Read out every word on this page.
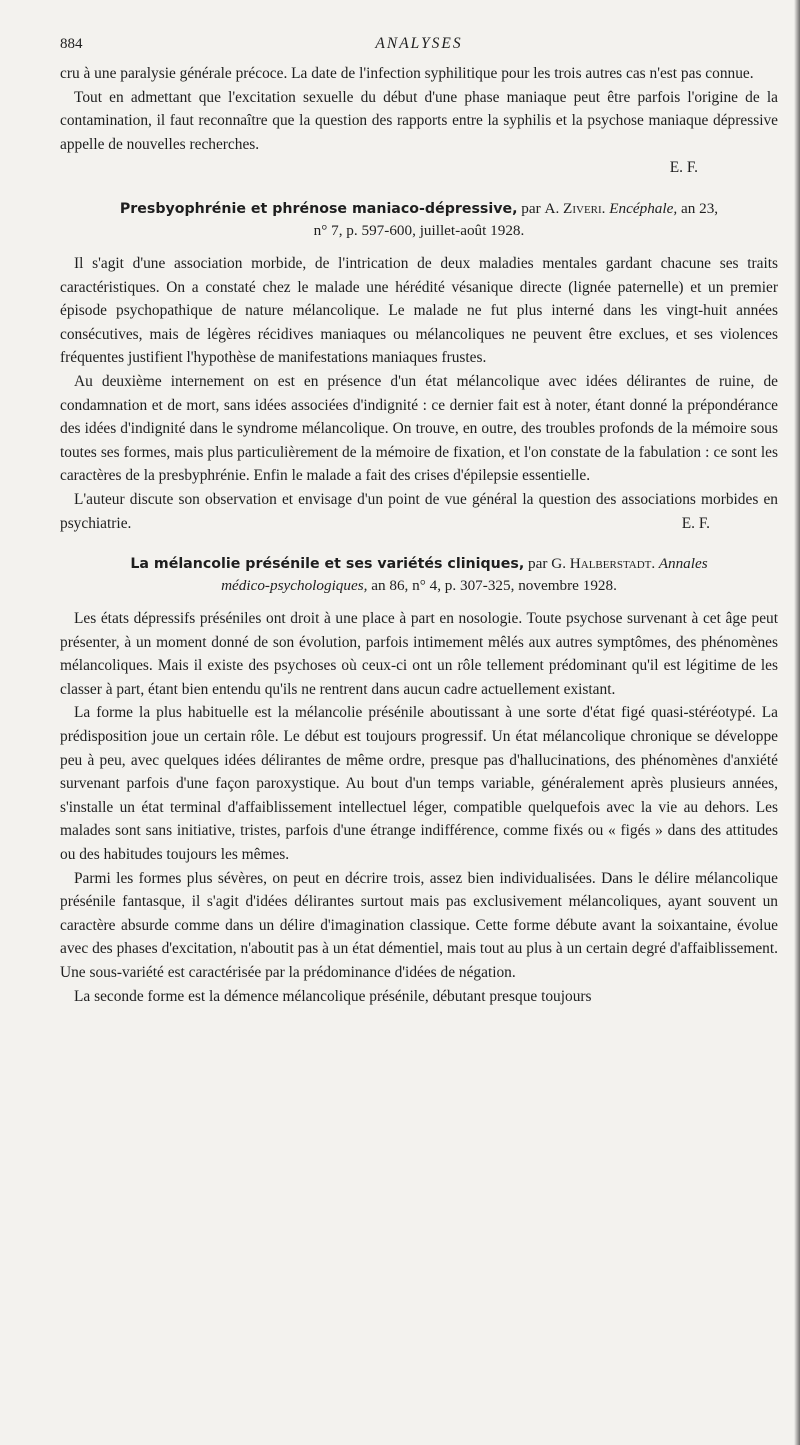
884	ANALYSES

cru à une paralysie générale précoce. La date de l'infection syphilitique pour les trois autres cas n'est pas connue.

Tout en admettant que l'excitation sexuelle du début d'une phase maniaque peut être parfois l'origine de la contamination, il faut reconnaître que la question des rapports entre la syphilis et la psychose maniaque dépressive appelle de nouvelles recherches.

E. F.

Presbyophrénie et phrénose maniaco-dépressive, par A. Ziveri. Encéphale, an 23,
n° 7, p. 597-600, juillet-août 1928.

Il s'agit d'une association morbide, de l'intrication de deux maladies mentales gardant chacune ses traits caractéristiques. On a constaté chez le malade une hérédité vésanique directe (lignée paternelle) et un premier épisode psychopathique de nature mélancolique. Le malade ne fut plus interné dans les vingt-huit années consécutives, mais de légères récidives maniaques ou mélancoliques ne peuvent être exclues, et ses violences fréquentes justifient l'hypothèse de manifestations maniaques frustes.

Au deuxième internement on est en présence d'un état mélancolique avec idées délirantes de ruine, de condamnation et de mort, sans idées associées d'indignité : ce dernier fait est à noter, étant donné la prépondérance des idées d'indignité dans le syndrome mélancolique. On trouve, en outre, des troubles profonds de la mémoire sous toutes ses formes, mais plus particulièrement de la mémoire de fixation, et l'on constate de la fabulation : ce sont les caractères de la presbyphrénie. Enfin le malade a fait des crises d'épilepsie essentielle.

L'auteur discute son observation et envisage d'un point de vue général la question des associations morbides en psychiatrie.	E. F.

La mélancolie présénile et ses variétés cliniques, par G. Halberstadt. Annales
médico-psychologiques, an 86, n° 4, p. 307-325, novembre 1928.

Les états dépressifs préséniles ont droit à une place à part en nosologie. Toute psychose survenant à cet âge peut présenter, à un moment donné de son évolution, parfois intimement mêlés aux autres symptômes, des phénomènes mélancoliques. Mais il existe des psychoses où ceux-ci ont un rôle tellement prédominant qu'il est légitime de les classer à part, étant bien entendu qu'ils ne rentrent dans aucun cadre actuellement existant.

La forme la plus habituelle est la mélancolie présénile aboutissant à une sorte d'état figé quasi-stéréotypé. La prédisposition joue un certain rôle. Le début est toujours progressif. Un état mélancolique chronique se développe peu à peu, avec quelques idées délirantes de même ordre, presque pas d'hallucinations, des phénomènes d'anxiété survenant parfois d'une façon paroxystique. Au bout d'un temps variable, généralement après plusieurs années, s'installe un état terminal d'affaiblissement intellectuel léger, compatible quelquefois avec la vie au dehors. Les malades sont sans initiative, tristes, parfois d'une étrange indifférence, comme fixés ou « figés » dans des attitudes ou des habitudes toujours les mêmes.

Parmi les formes plus sévères, on peut en décrire trois, assez bien individualisées. Dans le délire mélancolique présénile fantasque, il s'agit d'idées délirantes surtout mais pas exclusivement mélancoliques, ayant souvent un caractère absurde comme dans un délire d'imagination classique. Cette forme débute avant la soixantaine, évolue avec des phases d'excitation, n'aboutit pas à un état démentiel, mais tout au plus à un certain degré d'affaiblissement. Une sous-variété est caractérisée par la prédominance d'idées de négation.

La seconde forme est la démence mélancolique présénile, débutant presque toujours
